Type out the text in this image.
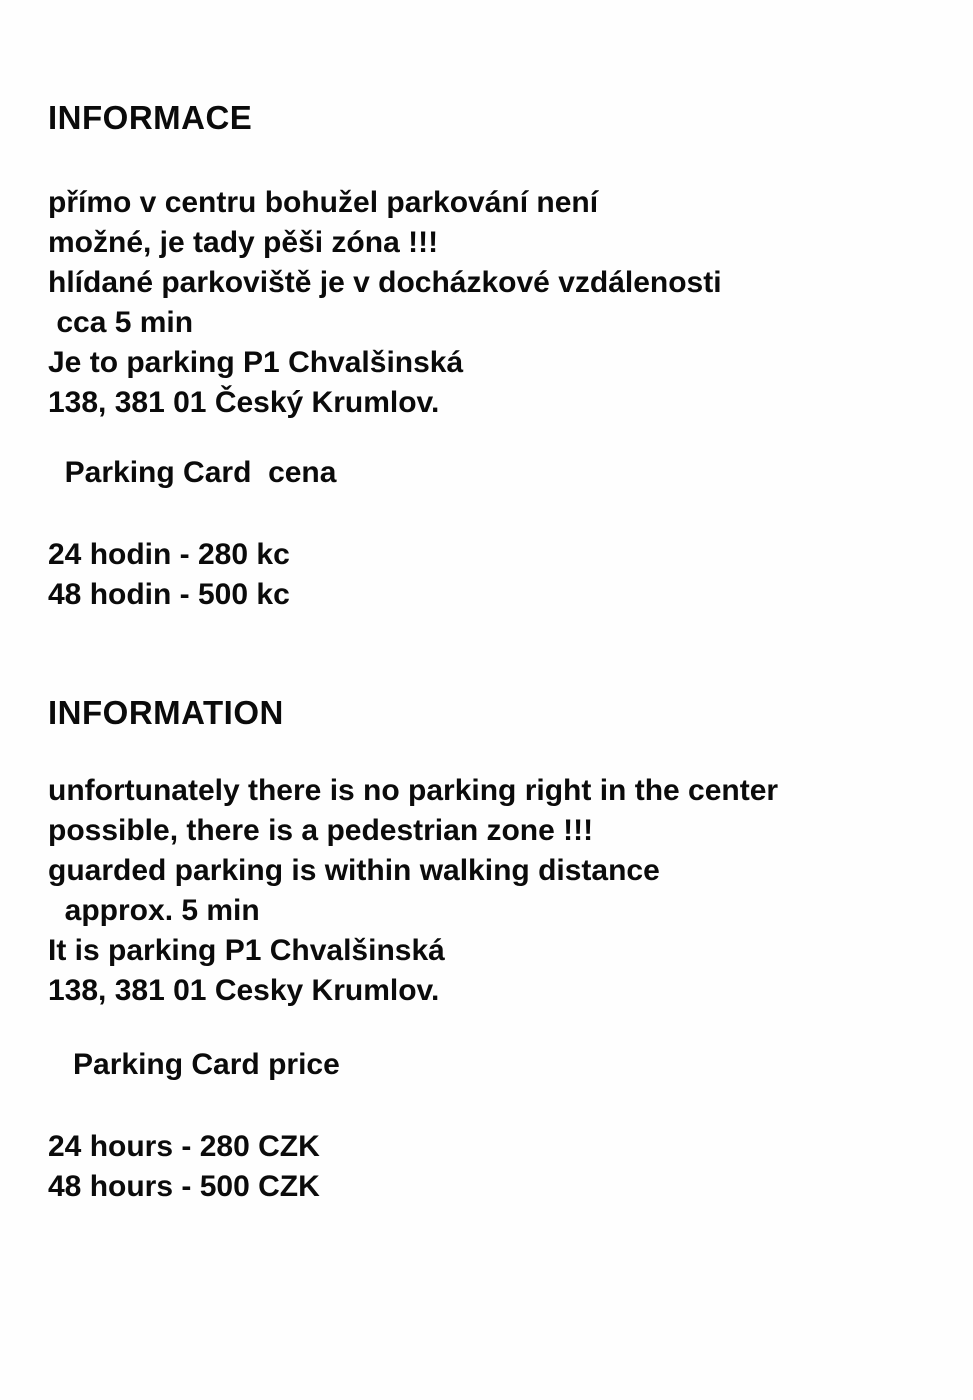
INFORMACE
přímo v centru bohužel parkování není
možné, je tady pěši zóna !!!
hlídané parkoviště je v docházkové vzdálenosti
cca 5 min
Je to parking P1 Chvalšinská
138, 381 01 Český Krumlov.
Parking Card  cena
24 hodin - 280 kc
48 hodin - 500 kc
INFORMATION
unfortunately there is no parking right in the center
possible, there is a pedestrian zone !!!
guarded parking is within walking distance
approx. 5 min
It is parking P1 Chvalšinská
138, 381 01 Cesky Krumlov.
Parking Card price
24 hours - 280 CZK
48 hours - 500 CZK
